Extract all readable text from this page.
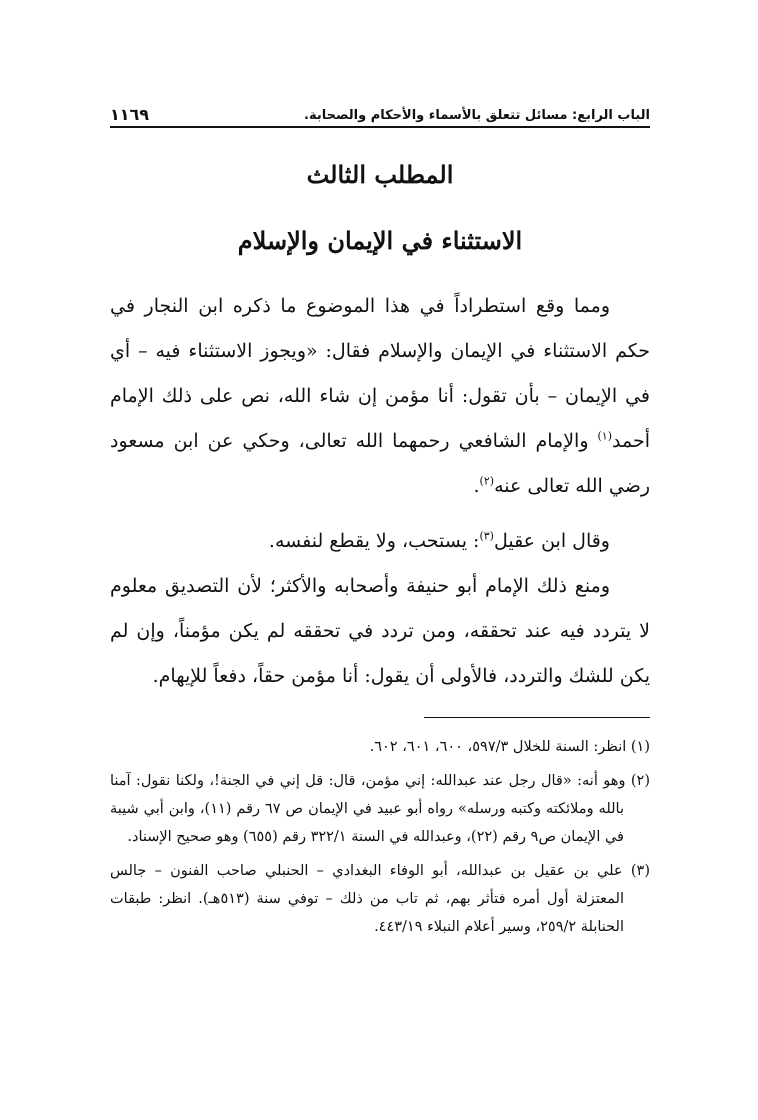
الباب الرابع: مسائل تتعلق بالأسماء والأحكام والصحابة.
١١٦٩
المطلب الثالث
الاستثناء في الإيمان والإسلام

ومما وقع استطراداً في هذا الموضوع ما ذكره ابن النجار في حكم الاستثناء في الإيمان والإسلام فقال: «ويجوز الاستثناء فيه – أي في الإيمان – بأن تقول: أنا مؤمن إن شاء الله، نص على ذلك الإمام أحمد$^{(١)}$ والإمام الشافعي رحمهما الله تعالى، وحكي عن ابن مسعود رضي الله تعالى عنه$^{(٢)}$.

وقال ابن عقيل$^{(٣)}$: يستحب، ولا يقطع لنفسه.

ومنع ذلك الإمام أبو حنيفة وأصحابه والأكثر؛ لأن التصديق معلوم لا يتردد فيه عند تحققه، ومن تردد في تحققه لم يكن مؤمناً، وإن لم يكن للشك والتردد، فالأولى أن يقول: أنا مؤمن حقاً، دفعاً للإيهام.

(١) انظر: السنة للخلال ٥٩٧/٣، ٦٠٠، ٦٠١، ٦٠٢.

(٢) وهو أنه: «قال رجل عند عبدالله: إني مؤمن، قال: قل إني في الجنة!، ولكنا نقول: آمنا بالله وملائكته وكتبه ورسله» رواه أبو عبيد في الإيمان ص ٦٧ رقم (١١)، وابن أبي شيبة في الإيمان ص٩ رقم (٢٢)، وعبدالله في السنة ٣٢٢/١ رقم (٦٥٥) وهو صحيح الإسناد.

(٣) علي بن عقيل بن عبدالله، أبو الوفاء البغدادي – الحنبلي صاحب الفنون – جالس المعتزلة أول أمره فتأثر بهم، ثم تاب من ذلك – توفي سنة (٥١٣هـ). انظر: طبقات الحنابلة ٢٥٩/٢، وسير أعلام النبلاء ٤٤٣/١٩.
